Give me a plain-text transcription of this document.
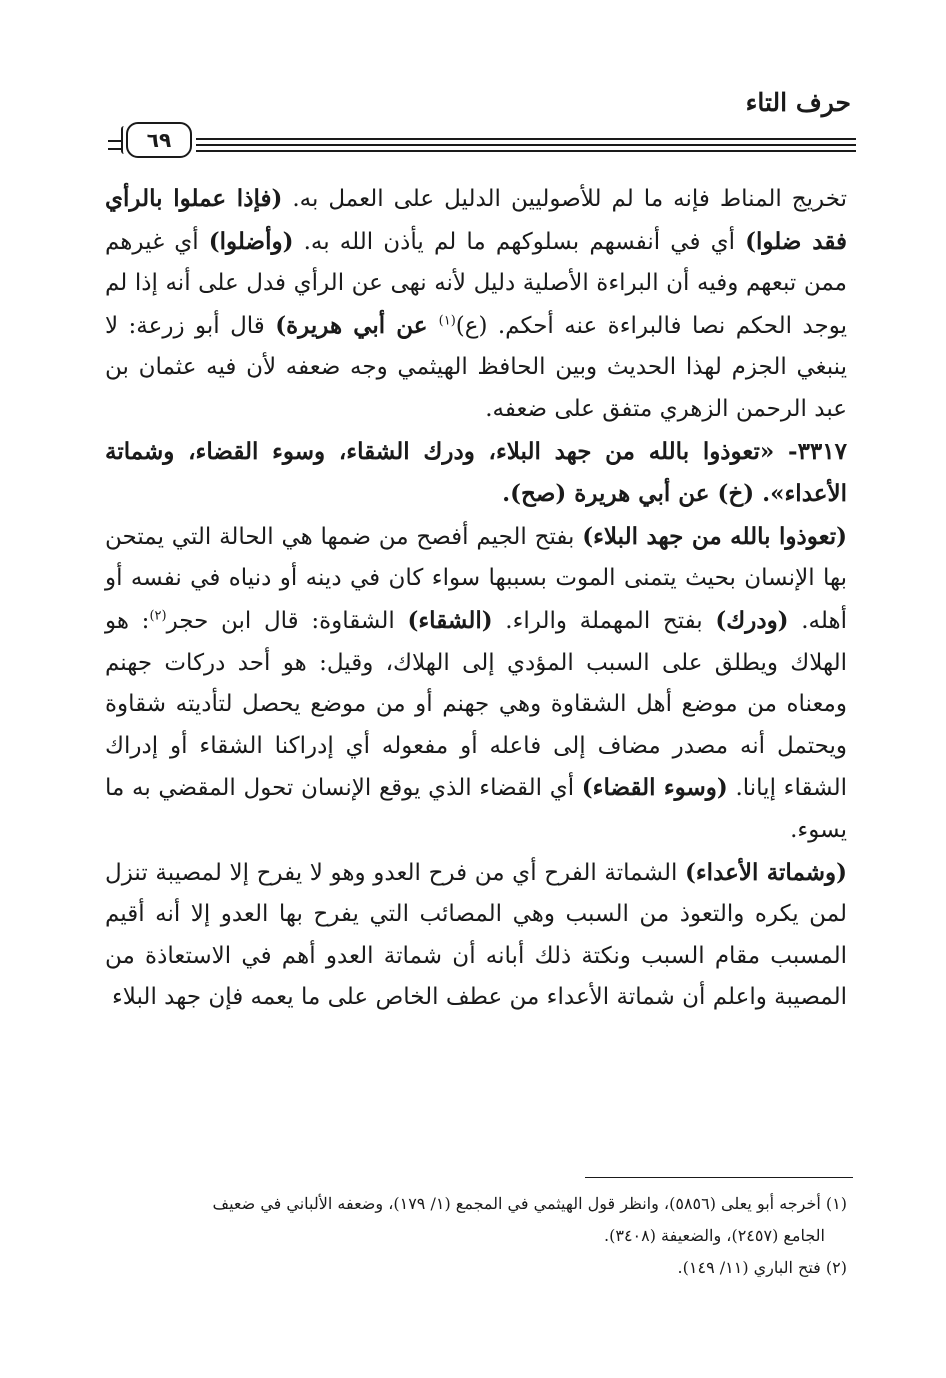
حرف التاء
٦٩

تخريج المناط فإنه ما لم للأصوليين الدليل على العمل به. (فإذا عملوا بالرأي فقد ضلوا) أي في أنفسهم بسلوكهم ما لم يأذن الله به. (وأضلوا) أي غيرهم ممن تبعهم وفيه أن البراءة الأصلية دليل لأنه نهى عن الرأي فدل على أنه إذا لم يوجد الحكم نصا فالبراءة عنه أحكم. (ع)$^{(١)}$ عن أبي هريرة) قال أبو زرعة: لا ينبغي الجزم لهذا الحديث وبين الحافظ الهيثمي وجه ضعفه لأن فيه عثمان بن عبد الرحمن الزهري متفق على ضعفه.

٣٣١٧- «تعوذوا بالله من جهد البلاء، ودرك الشقاء، وسوء القضاء، وشماتة الأعداء». (خ) عن أبي هريرة (صح).

(تعوذوا بالله من جهد البلاء) بفتح الجيم أفصح من ضمها هي الحالة التي يمتحن بها الإنسان بحيث يتمنى الموت بسببها سواء كان في دينه أو دنياه في نفسه أو أهله. (ودرك) بفتح المهملة والراء. (الشقاء) الشقاوة: قال ابن حجر$^{(٢)}$: هو الهلاك ويطلق على السبب المؤدي إلى الهلاك، وقيل: هو أحد دركات جهنم ومعناه من موضع أهل الشقاوة وهي جهنم أو من موضع يحصل لتأديته شقاوة ويحتمل أنه مصدر مضاف إلى فاعله أو مفعوله أي إدراكنا الشقاء أو إدراك الشقاء إيانا. (وسوء القضاء) أي القضاء الذي يوقع الإنسان تحول المقضي به ما يسوء.

(وشماتة الأعداء) الشماتة الفرح أي من فرح العدو وهو لا يفرح إلا لمصيبة تنزل لمن يكره والتعوذ من السبب وهي المصائب التي يفرح بها العدو إلا أنه أقيم المسبب مقام السبب ونكتة ذلك أبانه أن شماتة العدو أهم في الاستعاذة من المصيبة واعلم أن شماتة الأعداء من عطف الخاص على ما يعمه فإن جهد البلاء

(١) أخرجه أبو يعلى (٥٨٥٦)، وانظر قول الهيثمي في المجمع (١/ ١٧٩)، وضعفه الألباني في ضعيف

الجامع (٢٤٥٧)، والضعيفة (٣٤٠٨).

(٢) فتح الباري (١١/ ١٤٩).
